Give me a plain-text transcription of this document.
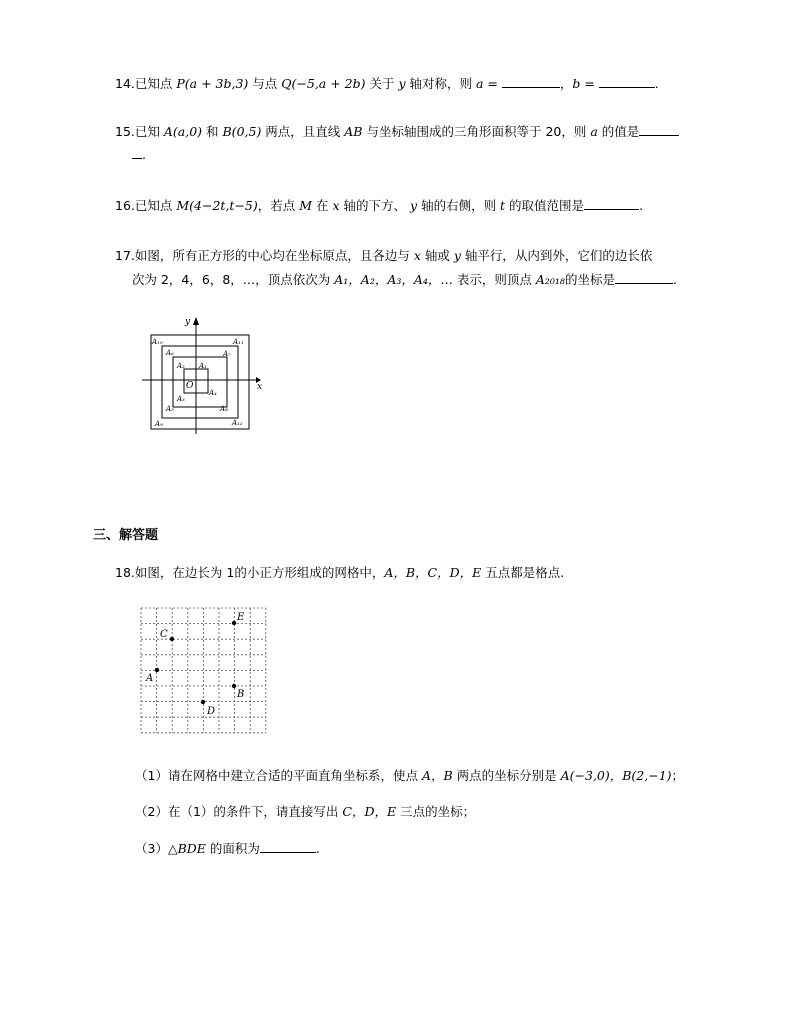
14.已知点 P(a + 3b,3) 与点 Q(−5,a + 2b) 关于 y 轴对称，则 a =	，b =	.
15.已知 A(a,0) 和 B(0,5) 两点，且直线 AB 与坐标轴围成的三角形面积等于 20，则 a 的值是
.
16.已知点 M(4−2t,t−5)，若点 M 在 x 轴的下方、 y 轴的右侧，则 t 的取值范围是	.
17.如图，所有正方形的中心均在坐标原点，且各边与 x 轴或 y 轴平行，从内到外，它们的边长依
次为 2，4，6，8，…，顶点依次为 A₁，A₂，A₃，A₄，… 表示，则顶点 A₂₀₁₈的坐标是	.
x
y
O
A₁
A₂
A₃
A₄
A₅
A₆	A₇
A₈
A₉
A₁₀	A₁₁
A₁₂
三、解答题
18.如图，在边长为 1的小正方形组成的网格中，A，B，C，D，E 五点都是格点.
A
B
C
D
E
（1）请在网格中建立合适的平面直角坐标系，使点 A，B 两点的坐标分别是 A(−3,0)，B(2,−1)；
（2）在（1）的条件下，请直接写出 C，D，E 三点的坐标；
（3）△BDE 的面积为	.
